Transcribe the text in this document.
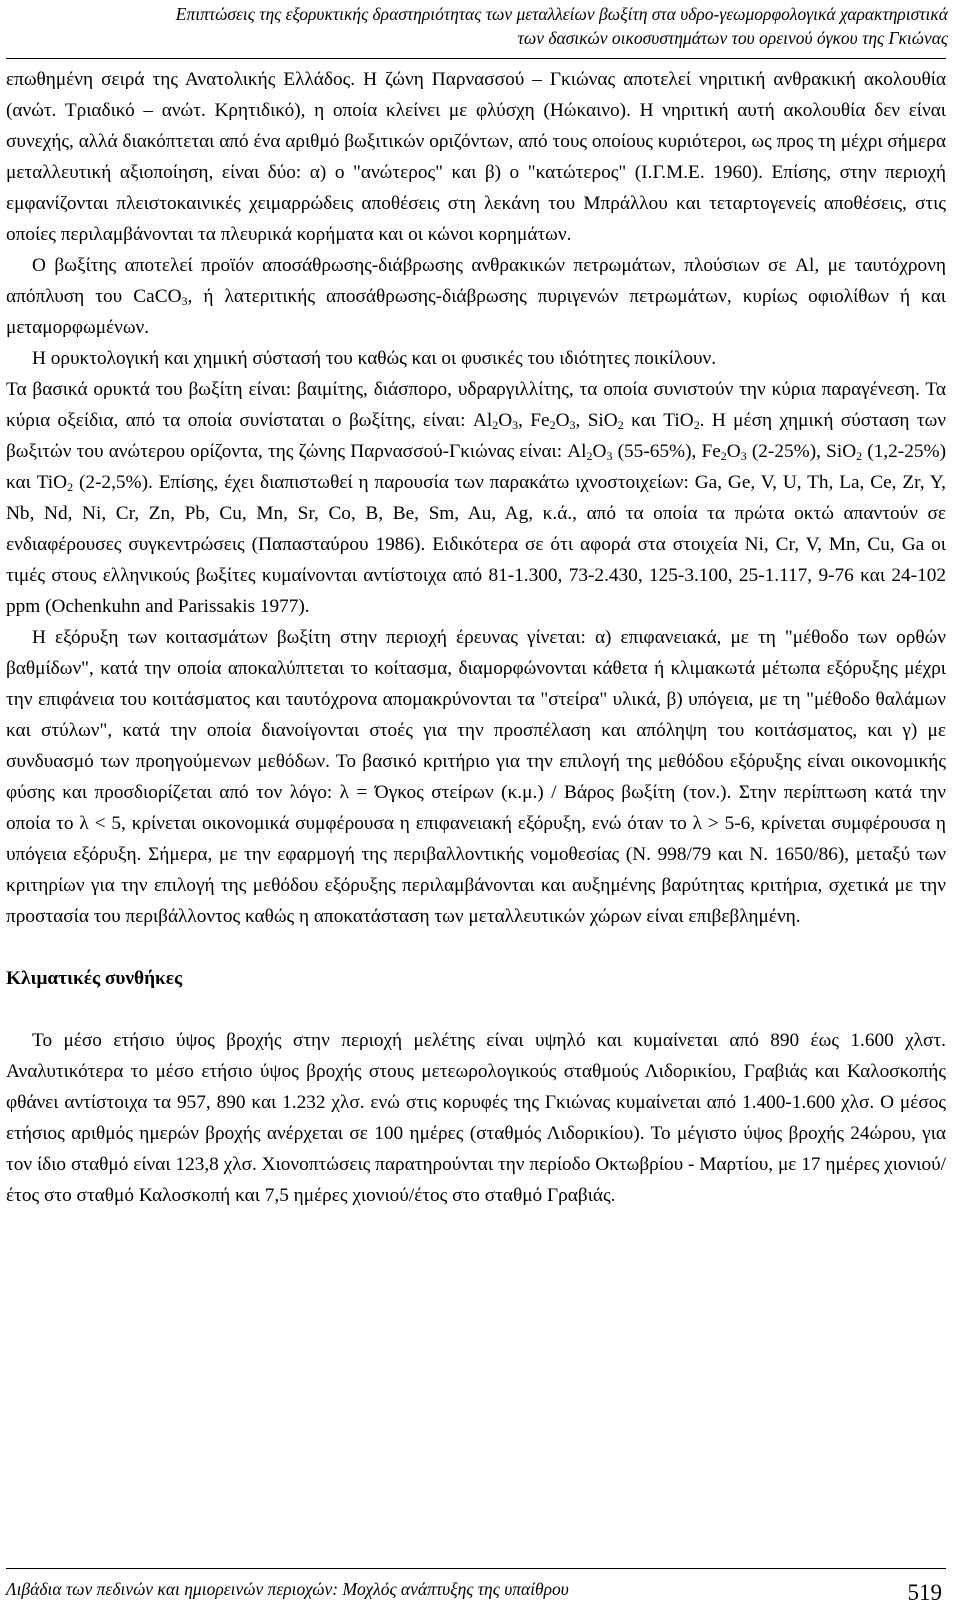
Επιπτώσεις της εξορυκτικής δραστηριότητας των μεταλλείων βωξίτη στα υδρο-γεωμορφολογικά χαρακτηριστικά
των δασικών οικοσυστημάτων του ορεινού όγκου της Γκιώνας

επωθημένη σειρά της Ανατολικής Ελλάδος. Η ζώνη Παρνασσού – Γκιώνας αποτελεί νηριτική ανθρακική ακολουθία (ανώτ. Τριαδικό – ανώτ. Κρητιδικό), η οποία κλείνει με φλύσχη (Ηώκαινο). Η νηριτική αυτή ακολουθία δεν είναι συνεχής, αλλά διακόπτεται από ένα αριθμό βωξιτικών οριζόντων, από τους οποίους κυριότεροι, ως προς τη μέχρι σήμερα μεταλλευτική αξιοποίηση, είναι δύο: α) ο "ανώτερος" και β) ο "κατώτερος" (Ι.Γ.Μ.Ε. 1960). Επίσης, στην περιοχή εμφανίζονται πλειστοκαινικές χειμαρρώδεις αποθέσεις στη λεκάνη του Μπράλλου και τεταρτογενείς αποθέσεις, στις οποίες περιλαμβάνονται τα πλευρικά κορήματα και οι κώνοι κορημάτων.

Ο βωξίτης αποτελεί προϊόν αποσάθρωσης-διάβρωσης ανθρακικών πετρωμάτων, πλούσιων σε Al, με ταυτόχρονη απόπλυση του CaCO$_3$, ή λατεριτικής αποσάθρωσης-διάβρωσης πυριγενών πετρωμάτων, κυρίως οφιολίθων ή και μεταμορφωμένων.

Η ορυκτολογική και χημική σύστασή του καθώς και οι φυσικές του ιδιότητες ποικίλουν.

Τα βασικά ορυκτά του βωξίτη είναι: βαιμίτης, διάσπορο, υδραργιλλίτης, τα οποία συνιστούν την κύρια παραγένεση. Τα κύρια οξείδια, από τα οποία συνίσταται ο βωξίτης, είναι: $Al_2O_3$, $Fe_2O_3$, SiO$_2$ και TiO$_2$. Η μέση χημική σύσταση των βωξιτών του ανώτερου ορίζοντα, της ζώνης Παρνασσού-Γκιώνας είναι: $Al_2O_3$ (55-65%), $Fe_2O_3$ (2-25%), SiO$_2$ (1,2-25%) και TiO$_2$ (2-2,5%). Επίσης, έχει διαπιστωθεί η παρουσία των παρακάτω ιχνοστοιχείων: Ga, Ge, V, U, Th, La, Ce, Zr, Y, Nb, Nd, Ni, Cr, Zn, Pb, Cu, Mn, Sr, Co, B, Be, Sm, Au, Ag, κ.ά., από τα οποία τα πρώτα οκτώ απαντούν σε ενδιαφέρουσες συγκεντρώσεις (Παπασταύρου 1986). Ειδικότερα σε ότι αφορά στα στοιχεία Ni, Cr, V, Mn, Cu, Ga οι τιμές στους ελληνικούς βωξίτες κυμαίνονται αντίστοιχα από 81-1.300, 73-2.430, 125-3.100, 25-1.117, 9-76 και 24-102 ppm (Ochenkuhn and Parissakis 1977).

Η εξόρυξη των κοιτασμάτων βωξίτη στην περιοχή έρευνας γίνεται: α) επιφανειακά, με τη "μέθοδο των ορθών βαθμίδων", κατά την οποία αποκαλύπτεται το κοίτασμα, διαμορφώνονται κάθετα ή κλιμακωτά μέτωπα εξόρυξης μέχρι την επιφάνεια του κοιτάσματος και ταυτόχρονα απομακρύνονται τα "στείρα" υλικά, β) υπόγεια, με τη "μέθοδο θαλάμων και στύλων", κατά την οποία διανοίγονται στοές για την προσπέλαση και απόληψη του κοιτάσματος, και γ) με συνδυασμό των προηγούμενων μεθόδων. Το βασικό κριτήριο για την επιλογή της μεθόδου εξόρυξης είναι οικονομικής φύσης και προσδιορίζεται από τον λόγο: λ = Όγκος στείρων (κ.μ.) / Βάρος βωξίτη (τον.). Στην περίπτωση κατά την οποία το λ < 5, κρίνεται οικονομικά συμφέρουσα η επιφανειακή εξόρυξη, ενώ όταν το λ > 5-6, κρίνεται συμφέρουσα η υπόγεια εξόρυξη. Σήμερα, με την εφαρμογή της περιβαλλοντικής νομοθεσίας (Ν. 998/79 και Ν. 1650/86), μεταξύ των κριτηρίων για την επιλογή της μεθόδου εξόρυξης περιλαμβάνονται και αυξημένης βαρύτητας κριτήρια, σχετικά με την προστασία του περιβάλλοντος καθώς η αποκατάσταση των μεταλλευτικών χώρων είναι επιβεβλημένη.

Κλιματικές συνθήκες

Το μέσο ετήσιο ύψος βροχής στην περιοχή μελέτης είναι υψηλό και κυμαίνεται από 890 έως 1.600 χλστ. Αναλυτικότερα το μέσο ετήσιο ύψος βροχής στους μετεωρολογικούς σταθμούς Λιδορικίου, Γραβιάς και Καλοσκοπής φθάνει αντίστοιχα τα 957, 890 και 1.232 χλσ. ενώ στις κορυφές της Γκιώνας κυμαίνεται από 1.400-1.600 χλσ. Ο μέσος ετήσιος αριθμός ημερών βροχής ανέρχεται σε 100 ημέρες (σταθμός Λιδορικίου). Το μέγιστο ύψος βροχής 24ώρου, για τον ίδιο σταθμό είναι 123,8 χλσ. Χιονοπτώσεις παρατηρούνται την περίοδο Οκτωβρίου - Μαρτίου, με 17 ημέρες χιονιού/έτος στο σταθμό Καλοσκοπή και 7,5 ημέρες χιονιού/έτος στο σταθμό Γραβιάς.

Λιβάδια των πεδινών και ημιορεινών περιοχών: Μοχλός ανάπτυξης της υπαίθρου	519
